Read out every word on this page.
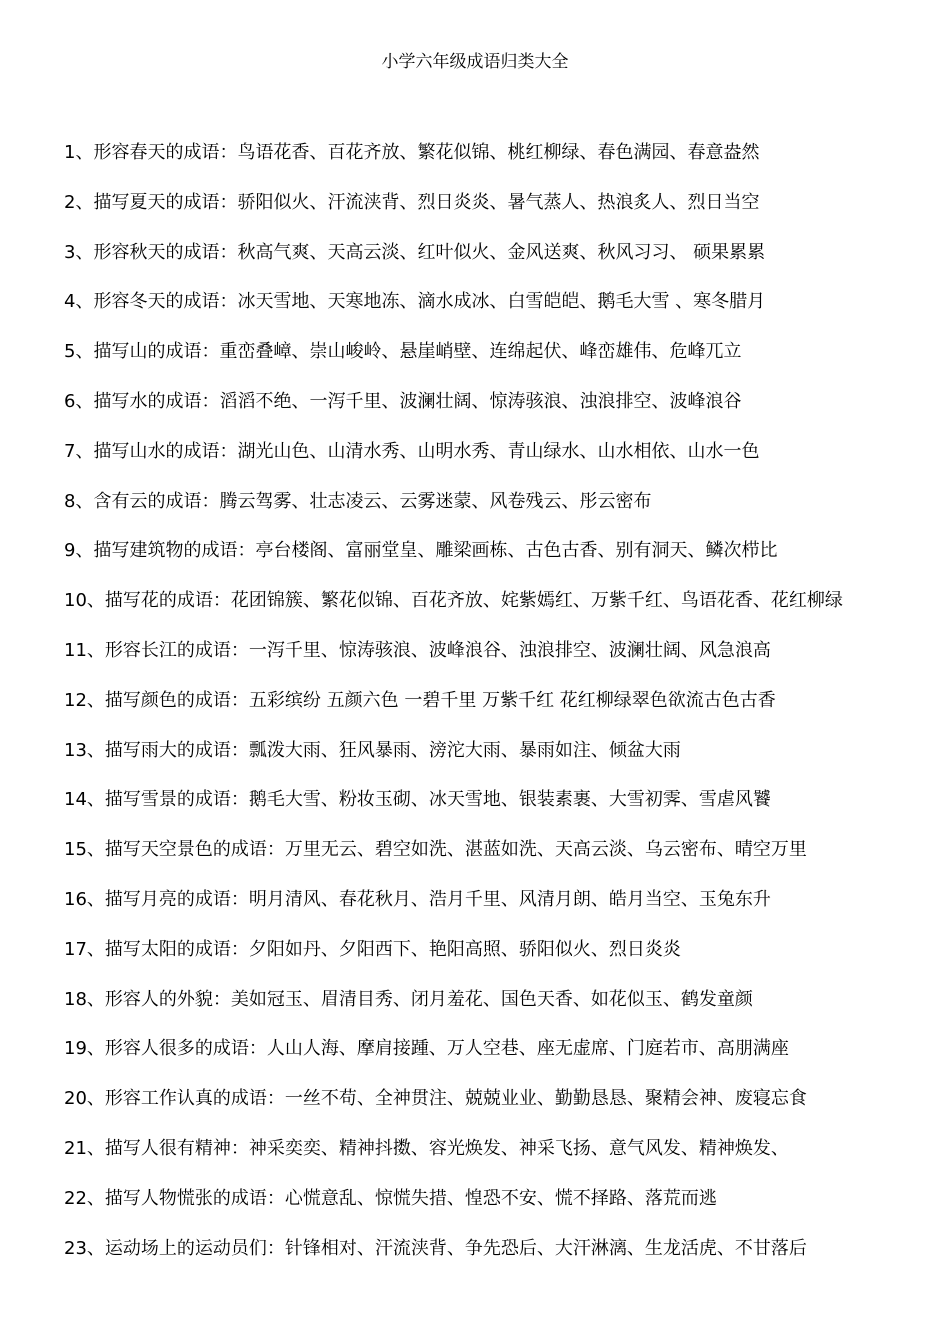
小学六年级成语归类大全
1、形容春天的成语：鸟语花香、百花齐放、繁花似锦、桃红柳绿、春色满园、春意盎然
2、描写夏天的成语：骄阳似火、汗流浃背、烈日炎炎、暑气蒸人、热浪炙人、烈日当空
3、形容秋天的成语：秋高气爽、天高云淡、红叶似火、金风送爽、秋风习习、 硕果累累
4、形容冬天的成语：冰天雪地、天寒地冻、滴水成冰、白雪皑皑、鹅毛大雪 、寒冬腊月
5、描写山的成语：重峦叠嶂、崇山峻岭、悬崖峭壁、连绵起伏、峰峦雄伟、危峰兀立
6、描写水的成语：滔滔不绝、一泻千里、波澜壮阔、惊涛骇浪、浊浪排空、波峰浪谷
7、描写山水的成语：湖光山色、山清水秀、山明水秀、青山绿水、山水相依、山水一色
8、含有云的成语：腾云驾雾、壮志凌云、云雾迷蒙、风卷残云、彤云密布
9、描写建筑物的成语：亭台楼阁、富丽堂皇、雕梁画栋、古色古香、别有洞天、鳞次栉比
10、描写花的成语：花团锦簇、繁花似锦、百花齐放、姹紫嫣红、万紫千红、鸟语花香、花红柳绿
11、形容长江的成语：一泻千里、惊涛骇浪、波峰浪谷、浊浪排空、波澜壮阔、风急浪高
12、描写颜色的成语：五彩缤纷 五颜六色 一碧千里 万紫千红 花红柳绿翠色欲流古色古香
13、描写雨大的成语：瓢泼大雨、狂风暴雨、滂沱大雨、暴雨如注、倾盆大雨
14、描写雪景的成语：鹅毛大雪、粉妆玉砌、冰天雪地、银装素裹、大雪初霁、雪虐风饕
15、描写天空景色的成语：万里无云、碧空如洗、湛蓝如洗、天高云淡、乌云密布、晴空万里
16、描写月亮的成语：明月清风、春花秋月、浩月千里、风清月朗、皓月当空、玉兔东升
17、描写太阳的成语：夕阳如丹、夕阳西下、艳阳高照、骄阳似火、烈日炎炎
18、形容人的外貌：美如冠玉、眉清目秀、闭月羞花、国色天香、如花似玉、鹤发童颜
19、形容人很多的成语：人山人海、摩肩接踵、万人空巷、座无虚席、门庭若市、高朋满座
20、形容工作认真的成语：一丝不苟、全神贯注、兢兢业业、勤勤恳恳、聚精会神、废寝忘食
21、描写人很有精神：神采奕奕、精神抖擞、容光焕发、神采飞扬、意气风发、精神焕发、
22、描写人物慌张的成语：心慌意乱、惊慌失措、惶恐不安、慌不择路、落荒而逃
23、运动场上的运动员们：针锋相对、汗流浃背、争先恐后、大汗淋漓、生龙活虎、不甘落后
